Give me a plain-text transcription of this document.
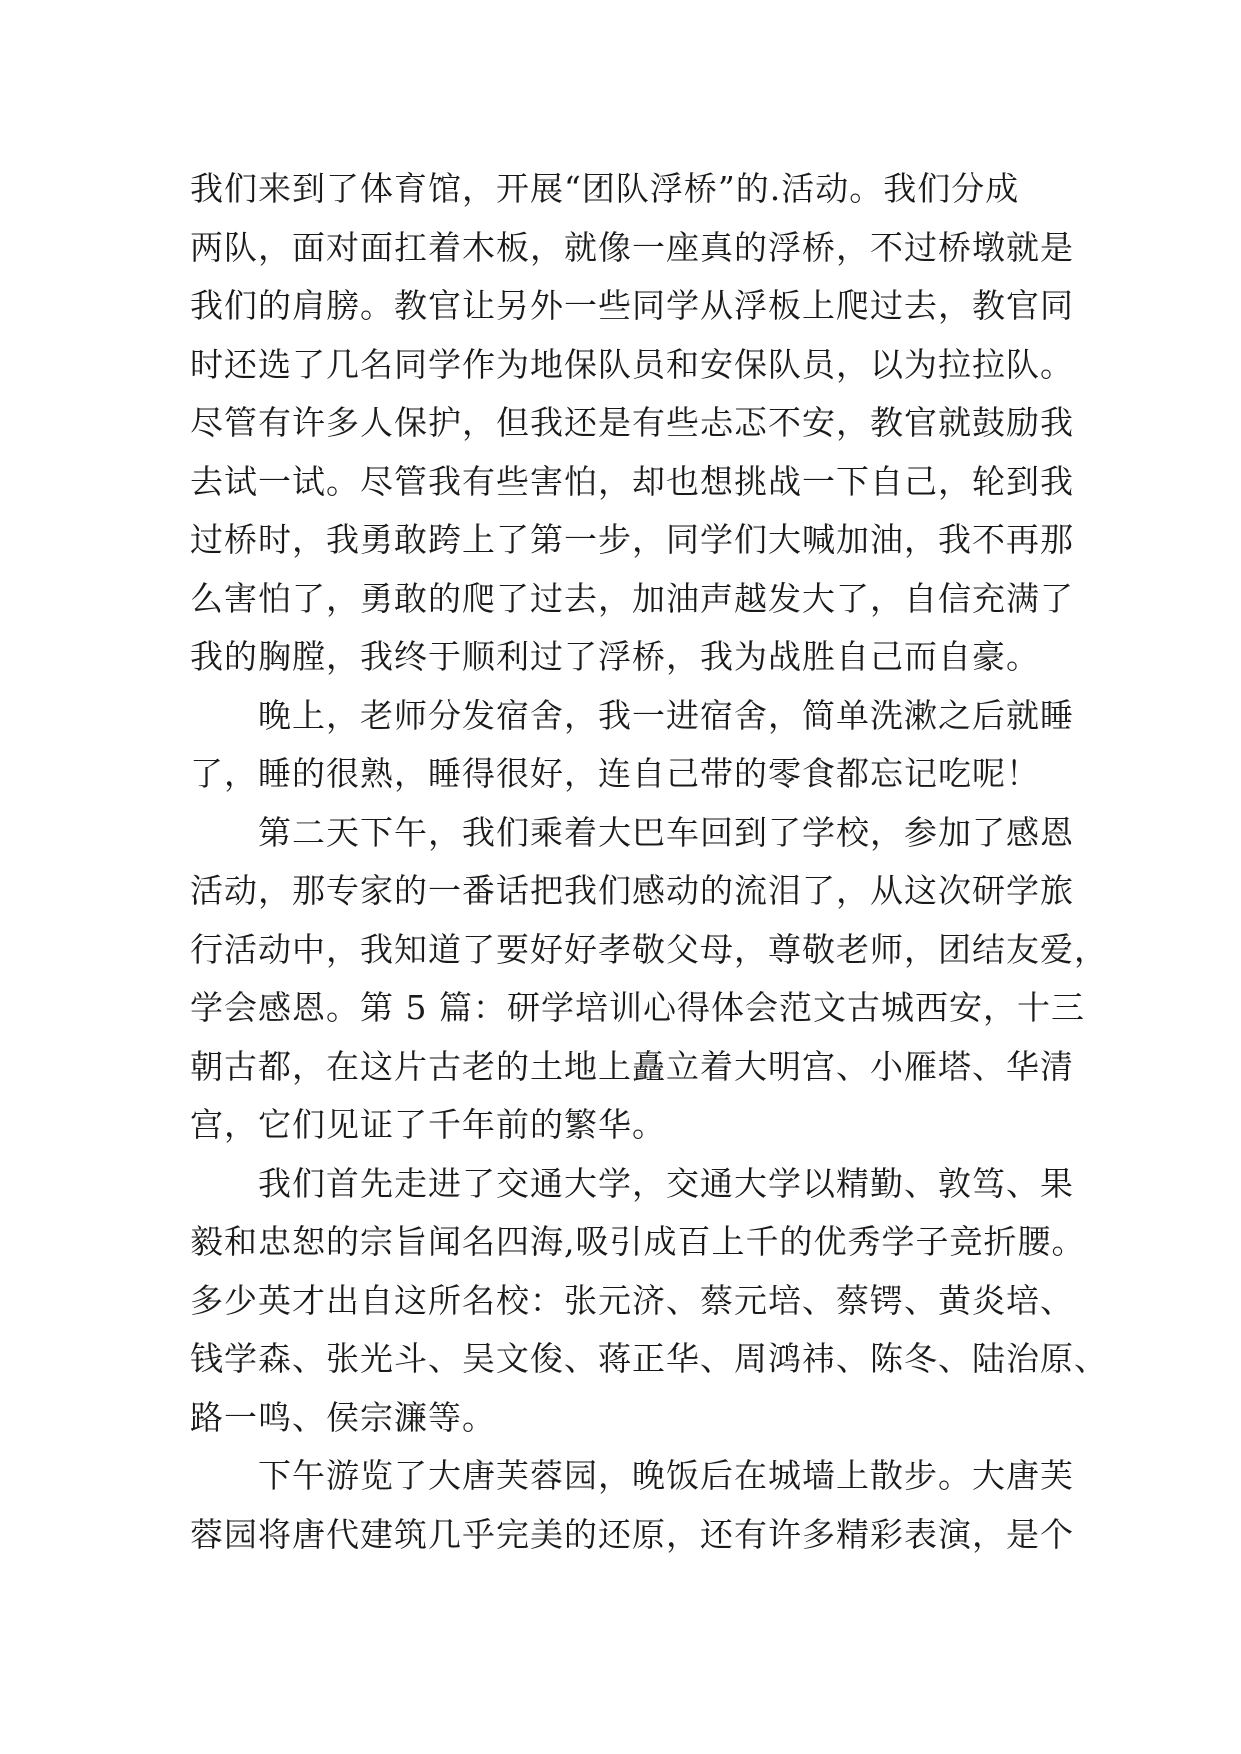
我们来到了体育馆，开展“团队浮桥”的.活动。我们分成
两队，面对面扛着木板，就像一座真的浮桥，不过桥墩就是
我们的肩膀。教官让另外一些同学从浮板上爬过去，教官同
时还选了几名同学作为地保队员和安保队员，以为拉拉队。
尽管有许多人保护，但我还是有些忐忑不安，教官就鼓励我
去试一试。尽管我有些害怕，却也想挑战一下自己，轮到我
过桥时，我勇敢跨上了第一步，同学们大喊加油，我不再那
么害怕了，勇敢的爬了过去，加油声越发大了，自信充满了
我的胸膛，我终于顺利过了浮桥，我为战胜自己而自豪。
晚上，老师分发宿舍，我一进宿舍，简单洗漱之后就睡
了，睡的很熟，睡得很好，连自己带的零食都忘记吃呢！
第二天下午，我们乘着大巴车回到了学校，参加了感恩
活动，那专家的一番话把我们感动的流泪了，从这次研学旅
行活动中，我知道了要好好孝敬父母，尊敬老师，团结友爱，
学会感恩。第 5 篇：研学培训心得体会范文古城西安，十三
朝古都，在这片古老的土地上矗立着大明宫、小雁塔、华清
宫，它们见证了千年前的繁华。
我们首先走进了交通大学，交通大学以精勤、敦笃、果
毅和忠恕的宗旨闻名四海,吸引成百上千的优秀学子竞折腰。
多少英才出自这所名校：张元济、蔡元培、蔡锷、黄炎培、
钱学森、张光斗、吴文俊、蒋正华、周鸿祎、陈冬、陆治原、
路一鸣、侯宗濂等。
下午游览了大唐芙蓉园，晚饭后在城墙上散步。大唐芙
蓉园将唐代建筑几乎完美的还原，还有许多精彩表演，是个
